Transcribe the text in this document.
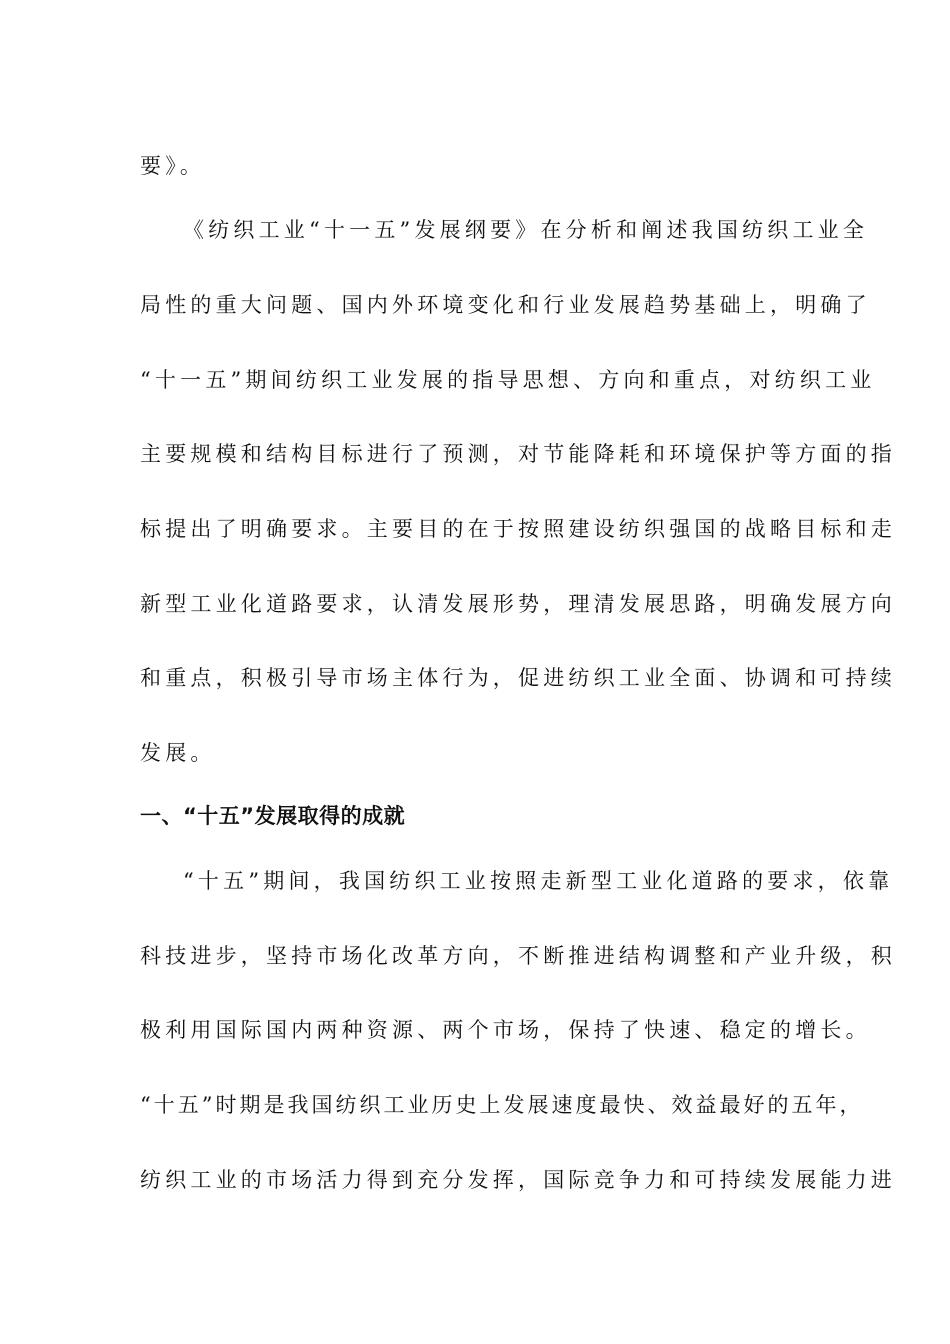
要》。
《纺织工业“十一五”发展纲要》在分析和阐述我国纺织工业全
局性的重大问题、国内外环境变化和行业发展趋势基础上，明确了
“十一五”期间纺织工业发展的指导思想、方向和重点，对纺织工业
主要规模和结构目标进行了预测，对节能降耗和环境保护等方面的指
标提出了明确要求。主要目的在于按照建设纺织强国的战略目标和走
新型工业化道路要求，认清发展形势，理清发展思路，明确发展方向
和重点，积极引导市场主体行为，促进纺织工业全面、协调和可持续
发展。
一、“十五”发展取得的成就
“十五”期间，我国纺织工业按照走新型工业化道路的要求，依靠
科技进步，坚持市场化改革方向，不断推进结构调整和产业升级，积
极利用国际国内两种资源、两个市场，保持了快速、稳定的增长。
“十五”时期是我国纺织工业历史上发展速度最快、效益最好的五年，
纺织工业的市场活力得到充分发挥，国际竞争力和可持续发展能力进
